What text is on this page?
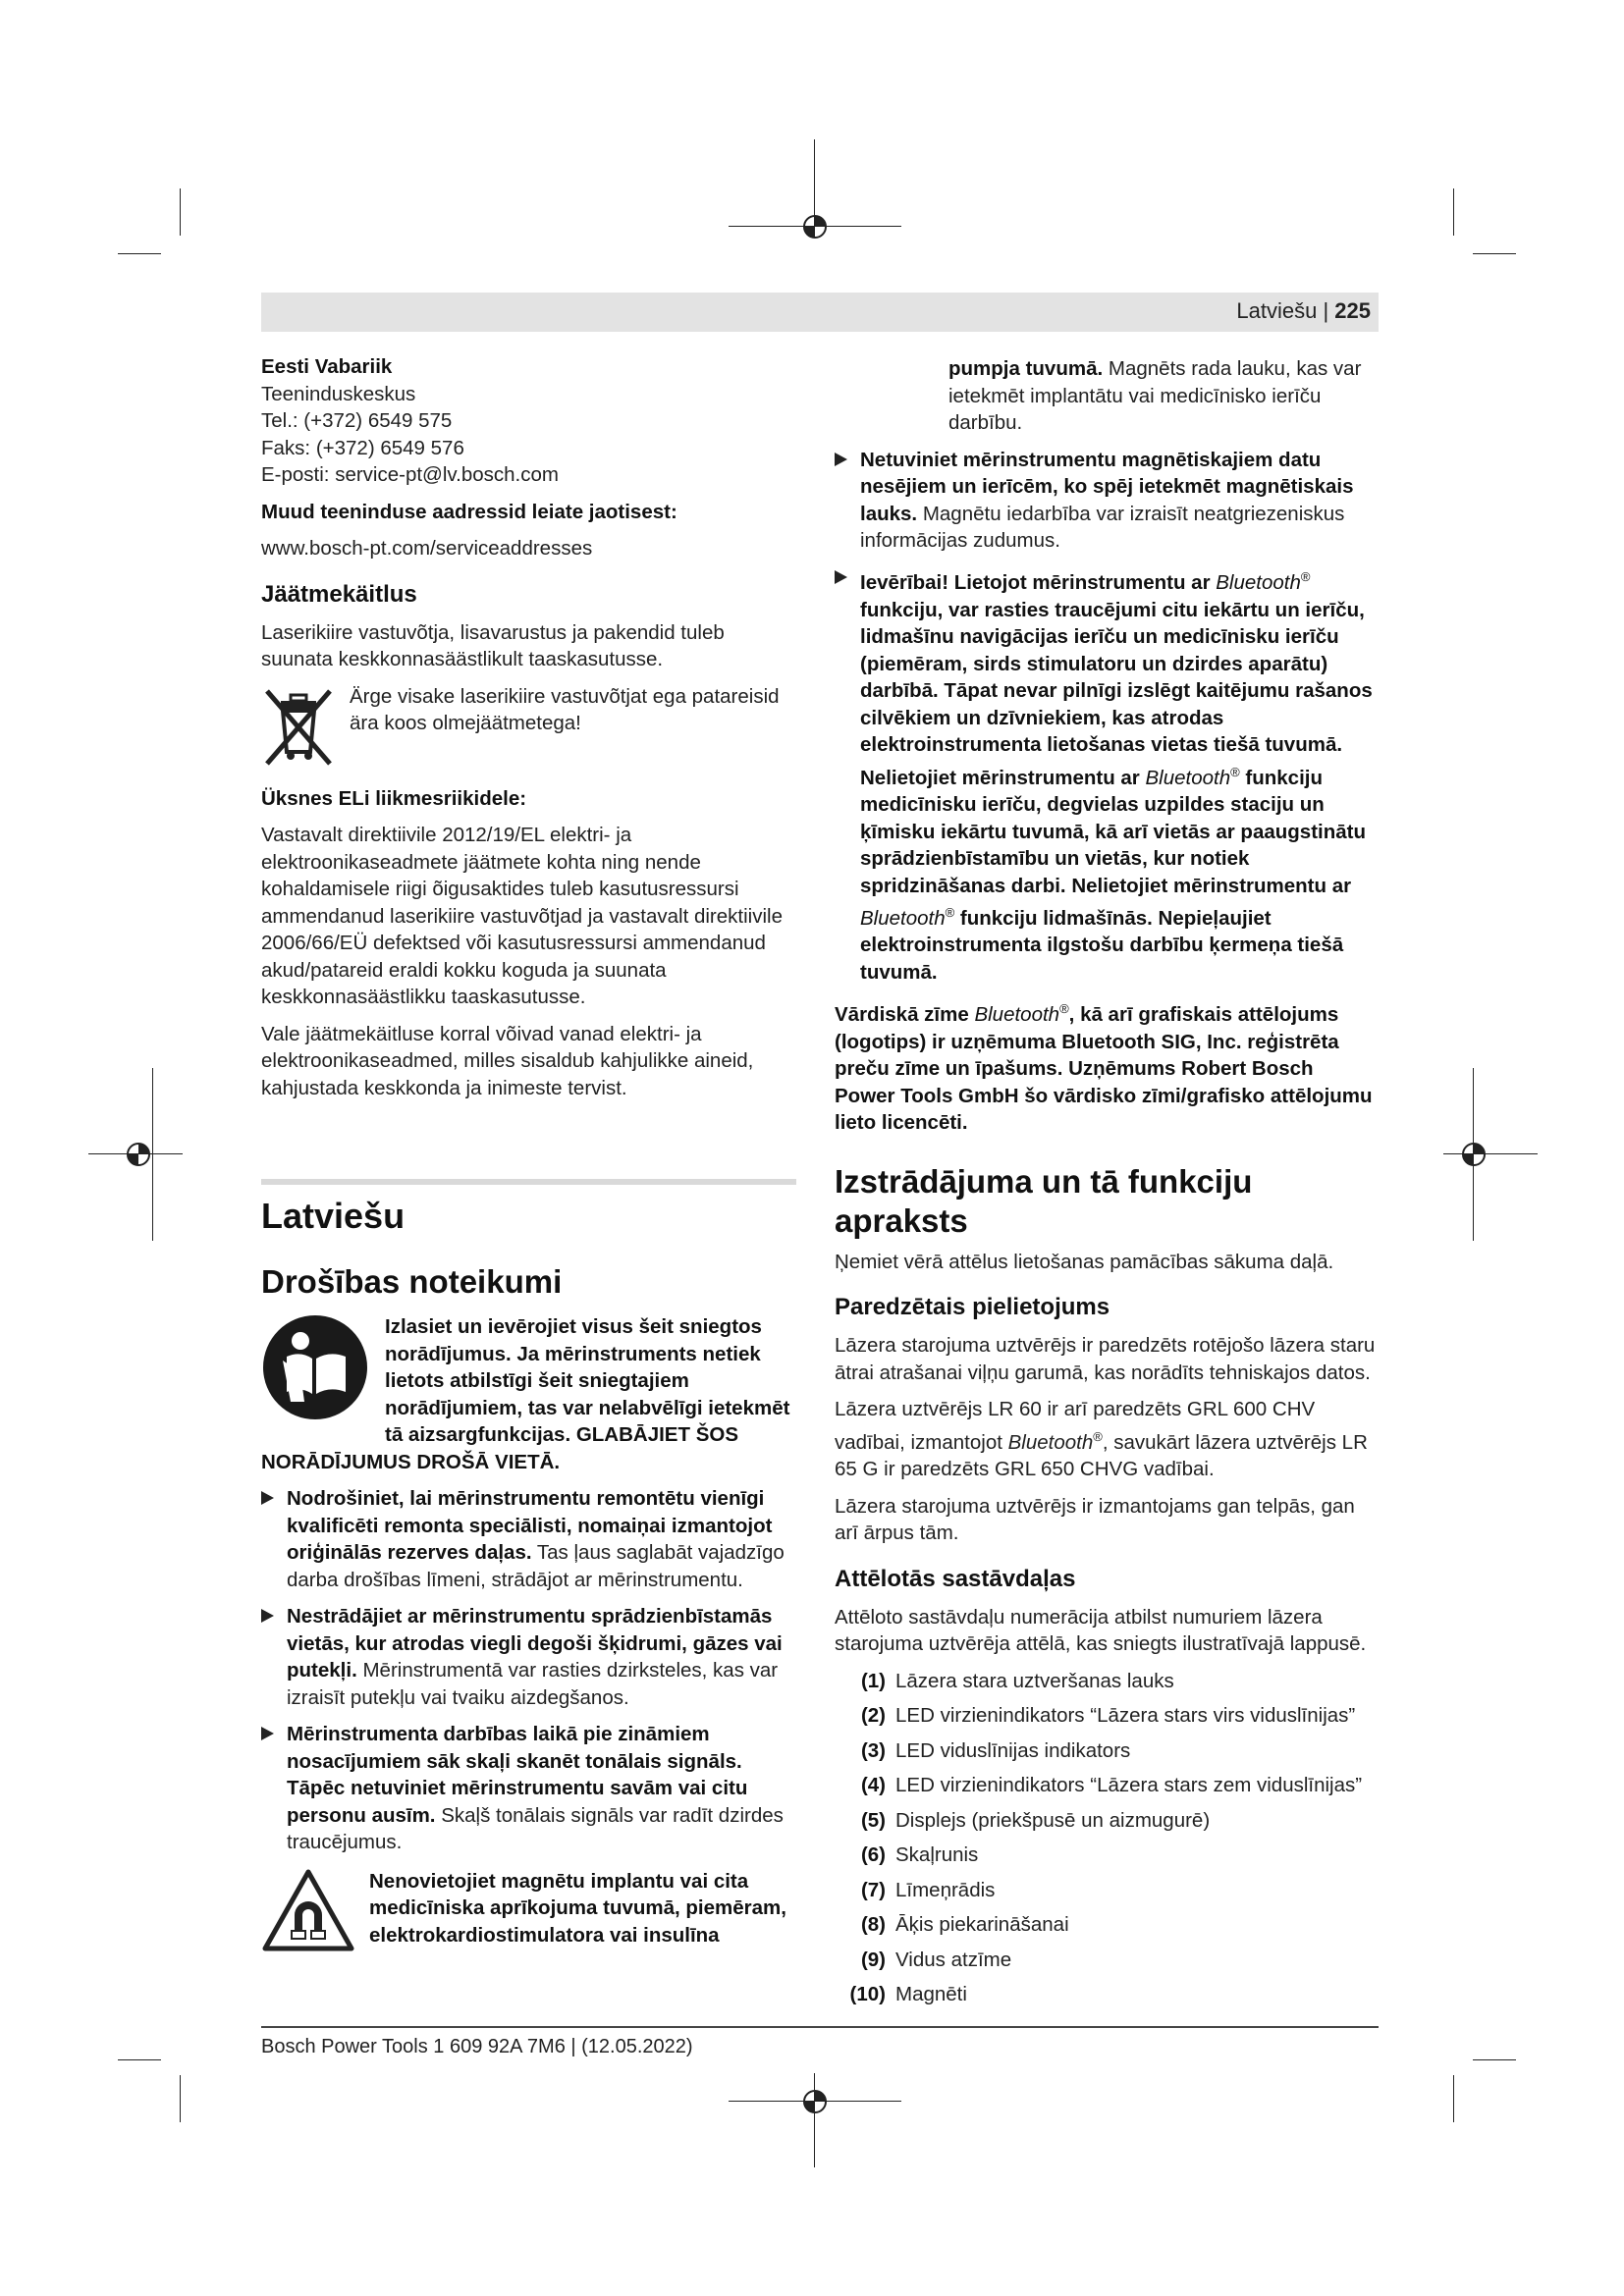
Latviešu | 225
Eesti Vabariik
Teeninduskeskus
Tel.: (+372) 6549 575
Faks: (+372) 6549 576
E-posti: service-pt@lv.bosch.com

Muud teeninduse aadressid leiate jaotisest:

www.bosch-pt.com/serviceaddresses

Jäätmekäitlus

Laserikiire vastuvõtja, lisavarustus ja pakendid tuleb suunata keskkonnasäästlikult taaskasutusse.

Ärge visake laserikiire vastuvõtjat ega patareisid ära koos olmejäätmetega!

Üksnes ELi liikmesriikidele:

Vastavalt direktiivile 2012/19/EL elektri- ja elektroonikaseadmete jäätmete kohta ning nende kohaldamisele riigi õigusaktides tuleb kasutusressursi ammendanud laserikiire vastuvõtjad ja vastavalt direktiivile 2006/66/EÜ defektsed või kasutusressursi ammendanud akud/patareid eraldi kokku koguda ja suunata keskkonnasäästlikku taaskasutusse.

Vale jäätmekäitluse korral võivad vanad elektri- ja elektroonikaseadmed, milles sisaldub kahjulikke aineid, kahjustada keskkonda ja inimeste tervist.

Latviešu
Drošības noteikumi
Izlasiet un ievērojiet visus šeit sniegtos norādījumus. Ja mērinstruments netiek lietots atbilstīgi šeit sniegtajiem norādījumiem, tas var nelabvēlīgi ietekmēt tā aizsargfunkcijas. GLABĀJIET ŠOS NORĀDĪJUMUS DROŠĀ VIETĀ.
Nodrošiniet, lai mērinstrumentu remontētu vienīgi kvalificēti remonta speciālisti, nomaiņai izmantojot oriģinālās rezerves daļas. Tas ļaus saglabāt vajadzīgo darba drošības līmeni, strādājot ar mērinstrumentu.
Nestrādājiet ar mērinstrumentu sprādzienbīstamās vietās, kur atrodas viegli degoši šķidrumi, gāzes vai putekļi. Mērinstrumentā var rasties dzirksteles, kas var izraisīt putekļu vai tvaiku aizdegšanos.
Mērinstrumenta darbības laikā pie zināmiem nosacījumiem sāk skaļi skanēt tonālais signāls. Tāpēc netuviniet mērinstrumentu savām vai citu personu ausīm. Skaļš tonālais signāls var radīt dzirdes traucējumus.
Nenovietojiet magnētu implantu vai cita medicīniska aprīkojuma tuvumā, piemēram, elektrokardiostimulatora vai insulīna

pumpja tuvumā. Magnēts rada lauku, kas var ietekmēt implantātu vai medicīnisko ierīču darbību.

Netuviniet mērinstrumentu magnētiskajiem datu nesējiem un ierīcēm, ko spēj ietekmēt magnētiskais lauks. Magnētu iedarbība var izraisīt neatgriezeniskus informācijas zudumus.
Ievērībai! Lietojot mērinstrumentu ar Bluetooth® funkciju, var rasties traucējumi citu iekārtu un ierīču, lidmašīnu navigācijas ierīču un medicīnisku ierīču (piemēram, sirds stimulatoru un dzirdes aparātu) darbībā. Tāpat nevar pilnīgi izslēgt kaitējumu rašanos cilvēkiem un dzīvniekiem, kas atrodas elektroinstrumenta lietošanas vietas tiešā tuvumā. Nelietojiet mērinstrumentu ar Bluetooth® funkciju medicīnisku ierīču, degvielas uzpildes staciju un ķīmisku iekārtu tuvumā, kā arī vietās ar paaugstinātu sprādzienbīstamību un vietās, kur notiek spridzināšanas darbi. Nelietojiet mērinstrumentu ar Bluetooth® funkciju lidmašīnās. Nepieļaujiet elektroinstrumenta ilgstošu darbību ķermeņa tiešā tuvumā.

Vārdiskā zīme Bluetooth®, kā arī grafiskais attēlojums (logotips) ir uzņēmuma Bluetooth SIG, Inc. reģistrēta preču zīme un īpašums. Uzņēmums Robert Bosch Power Tools GmbH šo vārdisko zīmi/grafisko attēlojumu lieto licencēti.

Izstrādājuma un tā funkciju apraksts

Ņemiet vērā attēlus lietošanas pamācības sākuma daļā.

Paredzētais pielietojums

Lāzera starojuma uztvērējs ir paredzēts rotējošo lāzera staru ātrai atrašanai viļņu garumā, kas norādīts tehniskajos datos.

Lāzera uztvērējs LR 60 ir arī paredzēts GRL 600 CHV vadībai, izmantojot Bluetooth®, savukārt lāzera uztvērējs LR 65 G ir paredzēts GRL 650 CHVG vadībai.

Lāzera starojuma uztvērējs ir izmantojams gan telpās, gan arī ārpus tām.

Attēlotās sastāvdaļas

Attēloto sastāvdaļu numerācija atbilst numuriem lāzera starojuma uztvērēja attēlā, kas sniegts ilustratīvajā lappusē.

(1) Lāzera stara uztveršanas lauks
(2) LED virzienindikators “Lāzera stars virs viduslīnijas”
(3) LED viduslīnijas indikators
(4) LED virzienindikators “Lāzera stars zem viduslīnijas”
(5) Displejs (priekšpusē un aizmugurē)
(6) Skaļrunis
(7) Līmeņrādis
(8) Āķis piekarināšanai
(9) Vidus atzīme
(10) Magnēti
Bosch Power Tools 1 609 92A 7M6 | (12.05.2022)
